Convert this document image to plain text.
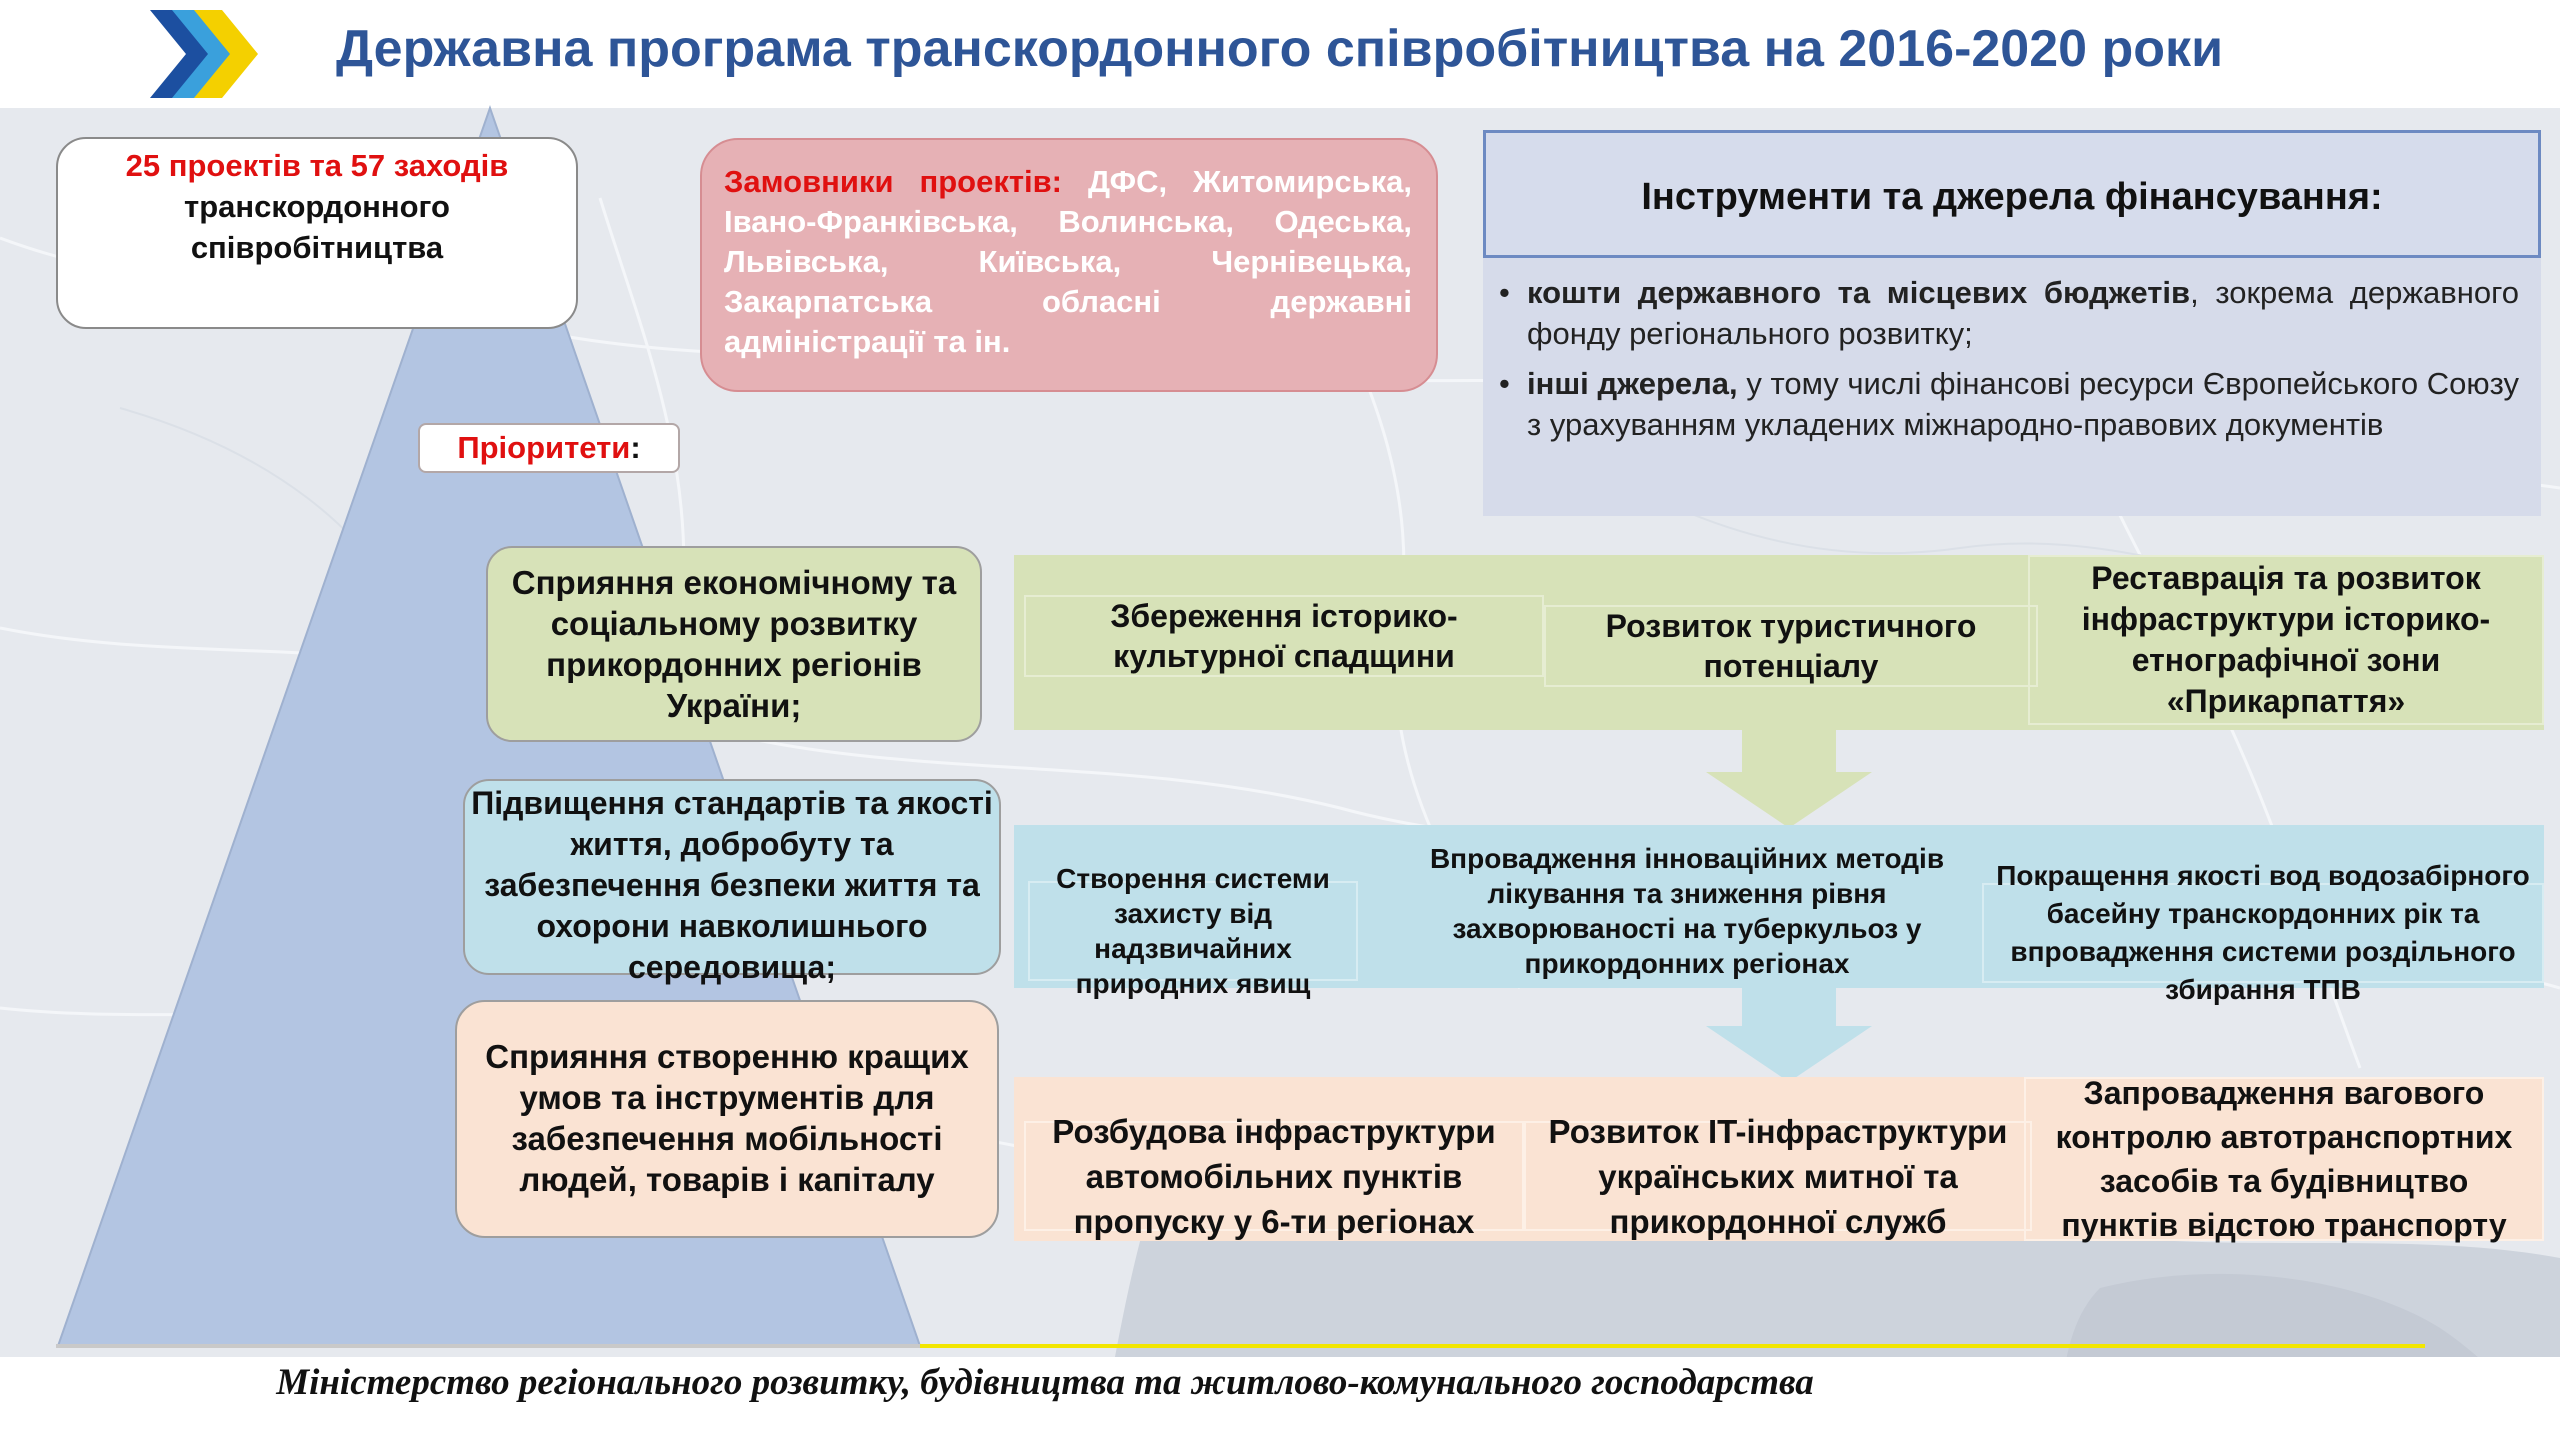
Державна програма транскордонного співробітництва на 2016-2020 роки
25 проектів та 57 заходів
транскордонного
співробітництва
Замовники проектів: ДФС, Житомирська, Івано-Франківська, Волинська, Одеська, Львівська, Київська, Чернівецька, Закарпатська обласні державні адміністрації та ін.
Пріоритети:
Інструменти та джерела фінансування:
• кошти державного та місцевих бюджетів, зокрема державного фонду регіонального розвитку;
• інші джерела, у тому числі фінансові ресурси Європейського Союзу з урахуванням укладених міжнародно-правових документів
Збереження історико-культурної спадщини
Розвиток туристичного потенціалу
Реставрація та розвиток інфраструктури історико-етнографічної зони «Прикарпаття»
Створення системи захисту від надзвичайних природних явищ
Впровадження інноваційних методів лікування та зниження рівня захворюваності на туберкульоз у прикордонних регіонах
Покращення якості вод водозабірного басейну транскордонних рік та впровадження системи роздільного збирання ТПВ
Розбудова інфраструктури автомобільних пунктів пропуску у 6-ти регіонах
Розвиток IT-інфраструктури українських митної та прикордонної служб
Запровадження вагового контролю автотранспортних засобів та будівництво пунктів відстою транспорту
Сприяння економічному та соціальному розвитку прикордонних регіонів України;
Підвищення стандартів та якості життя, добробуту та забезпечення безпеки життя та охорони навколишнього середовища;
Сприяння створенню кращих умов та інструментів для забезпечення мобільності людей, товарів і капіталу
Міністерство регіонального розвитку, будівництва та житлово-комунального господарства
